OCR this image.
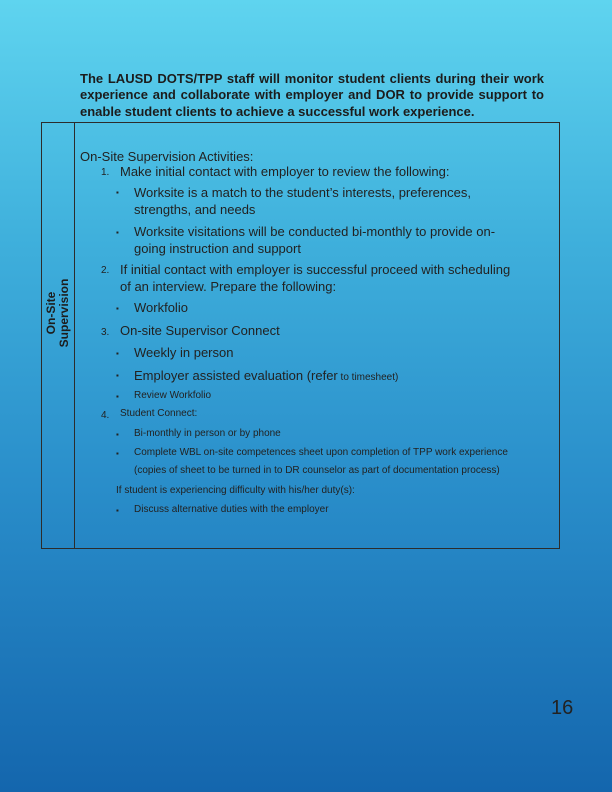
The LAUSD DOTS/TPP staff will monitor student clients during their work experience and collaborate with employer and DOR to provide support to enable student clients to achieve a successful work experience.
On-Site Supervision
On-Site Supervision Activities:
1. Make initial contact with employer to review the following:
▪ Worksite is a match to the student’s interests, preferences,
strengths, and needs
▪ Worksite visitations will be conducted bi-monthly to provide on-
going instruction and support
2. If initial contact with employer is successful proceed with scheduling
of an interview. Prepare the following:
▪ Workfolio
3. On-site Supervisor Connect
▪ Weekly in person
▪ Employer assisted evaluation (refer to timesheet)
▪ Review Workfolio
4. Student Connect:
▪ Bi-monthly in person or by phone
▪ Complete WBL on-site competences sheet upon completion of TPP work experience
(copies of sheet to be turned in to DR counselor as part of documentation process)
If student is experiencing difficulty with his/her duty(s):
▪ Discuss alternative duties with the employer
16
